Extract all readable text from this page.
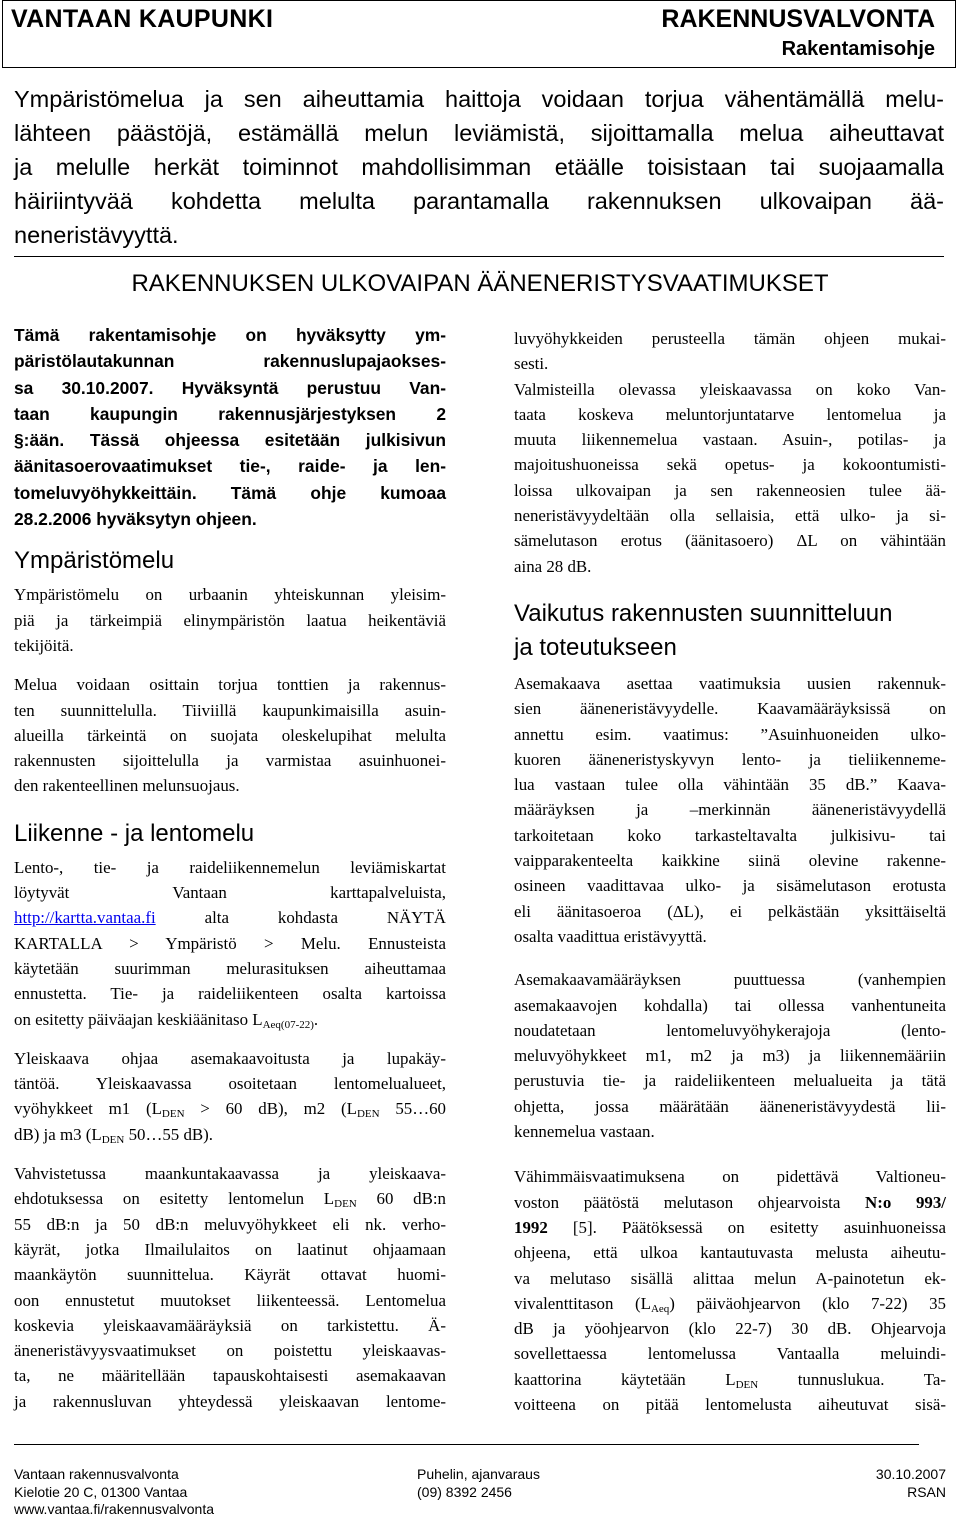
VANTAAN KAUPUNKI	RAKENNUSVALVONTA
Rakentamisohje
Ympäristömelua ja sen aiheuttamia haittoja voidaan torjua vähentämällä melu-
lähteen päästöjä, estämällä melun leviämistä, sijoittamalla melua aiheuttavat
ja melulle herkät toiminnot mahdollisimman etäälle toisistaan tai suojaamalla
häiriintyvää kohdetta melulta parantamalla rakennuksen ulkovaipan ää-
neneristävyyttä.
RAKENNUKSEN ULKOVAIPAN ÄÄNENERISTYSVAATIMUKSET
Tämä rakentamisohje on hyväksytty ym-
päristölautakunnan rakennuslupajaokses-
sa 30.10.2007. Hyväksyntä perustuu Van-
taan kaupungin rakennusjärjestyksen 2
§:ään. Tässä ohjeessa esitetään julkisivun
äänitasoerovaatimukset tie-, raide- ja len-
tomeluvyöhykkeittäin. Tämä ohje kumoaa
28.2.2006 hyväksytyn ohjeen.
Ympäristömelu
Ympäristömelu on urbaanin yhteiskunnan yleisim-
piä ja tärkeimpiä elinympäristön laatua heikentäviä
tekijöitä.
Melua voidaan osittain torjua tonttien ja rakennus-
ten suunnittelulla. Tiiviillä kaupunkimaisilla asuin-
alueilla tärkeintä on suojata oleskelupihat melulta
rakennusten sijoittelulla ja varmistaa asuinhuonei-
den rakenteellinen melunsuojaus.
Liikenne - ja lentomelu
Lento-, tie- ja raideliikennemelun leviämiskartat
löytyvät Vantaan karttapalveluista,
http://kartta.vantaa.fi alta kohdasta NÄYTÄ
KARTALLA > Ympäristö > Melu. Ennusteista
käytetään suurimman melurasituksen aiheuttamaa
ennustetta. Tie- ja raideliikenteen osalta kartoissa
on esitetty päiväajan keskiäänitaso $L_{Aeq(07-22)}$.
Yleiskaava ohjaa asemakaavoitusta ja lupakäy-
täntöä. Yleiskaavassa osoitetaan lentomelualueet,
vyöhykkeet m1 ($L_{DEN} > 60$ dB), m2 ($L_{DEN}$ 55…60
dB) ja m3 ($L_{DEN}$ 50…55 dB).
Vahvistetussa maankuntakaavassa ja yleiskaava-
ehdotuksessa on esitetty lentomelun $L_{DEN}$ 60 dB:n
55 dB:n ja 50 dB:n meluvyöhykkeet eli nk. verho-
käyrät, jotka Ilmailulaitos on laatinut ohjaamaan
maankäytön suunnittelua. Käyrät ottavat huomi-
oon ennustetut muutokset liikenteessä. Lentomelua
koskevia yleiskaavamääräyksiä on tarkistettu. Ä-
äneneristävyysvaatimukset on poistettu yleiskaavas-
ta, ne määritellään tapauskohtaisesti asemakaavan
ja rakennusluvan yhteydessä yleiskaavan lentome-
luvyöhykkeiden perusteella tämän ohjeen mukai-
sesti.
Valmisteilla olevassa yleiskaavassa on koko Van-
taata koskeva meluntorjuntatarve lentomelua ja
muuta liikennemelua vastaan. Asuin-, potilas- ja
majoitushuoneissa sekä opetus- ja kokoontumisti-
loissa ulkovaipan ja sen rakenneosien tulee ää-
neneristävyydeltään olla sellaisia, että ulko- ja si-
sämelutason erotus (äänitasoero) ΔL on vähintään
aina 28 dB.
Vaikutus rakennusten suunnitteluun
ja toteutukseen
Asemakaava asettaa vaatimuksia uusien rakennuk-
sien ääneneristävyydelle. Kaavamääräyksissä on
annettu esim. vaatimus: ”Asuinhuoneiden ulko-
kuoren ääneneristyskyvyn lento- ja tieliikenneme-
lua vastaan tulee olla vähintään 35 dB.” Kaava-
määräyksen ja –merkinnän ääneneristävyydellä
tarkoitetaan koko tarkasteltavalta julkisivu- tai
vaipparakenteelta kaikkine siinä olevine rakenne-
osineen vaadittavaa ulko- ja sisämelutason erotusta
eli äänitasoeroa (ΔL), ei pelkästään yksittäiseltä
osalta vaadittua eristävyyttä.
Asemakaavamääräyksen puuttuessa (vanhempien
asemakaavojen kohdalla) tai ollessa vanhentuneita
noudatetaan lentomeluvyöhykerajoja (lento-
meluvyöhykkeet m1, m2 ja m3) ja liikennemääriin
perustuvia tie- ja raideliikenteen melualueita ja tätä
ohjetta, jossa määrätään ääneneristävyydestä lii-
kennemelua vastaan.
Vähimmäisvaatimuksena on pidettävä Valtioneu-
voston päätöstä melutason ohjearvoista N:o 993/
1992 [5]. Päätöksessä on esitetty asuinhuoneissa
ohjeena, että ulkoa kantautuvasta melusta aiheutu-
va melutaso sisällä alittaa melun A-painotetun ek-
vivalenttitason $(L_{Aeq})$ päiväohjearvon (klo 7-22) 35
dB ja yöohjearvon (klo 22-7) 30 dB. Ohjearvoja
sovellettaessa lentomelussa Vantaalla meluindi-
kaattorina käytetään $L_{DEN}$ tunnuslukua. Ta-
voitteena on pitää lentomelusta aiheutuvat sisä-
Vantaan rakennusvalvonta
Kielotie 20 C, 01300 Vantaa
www.vantaa.fi/rakennusvalvonta
Puhelin, ajanvaraus
(09) 8392 2456
30.10.2007
RSAN
